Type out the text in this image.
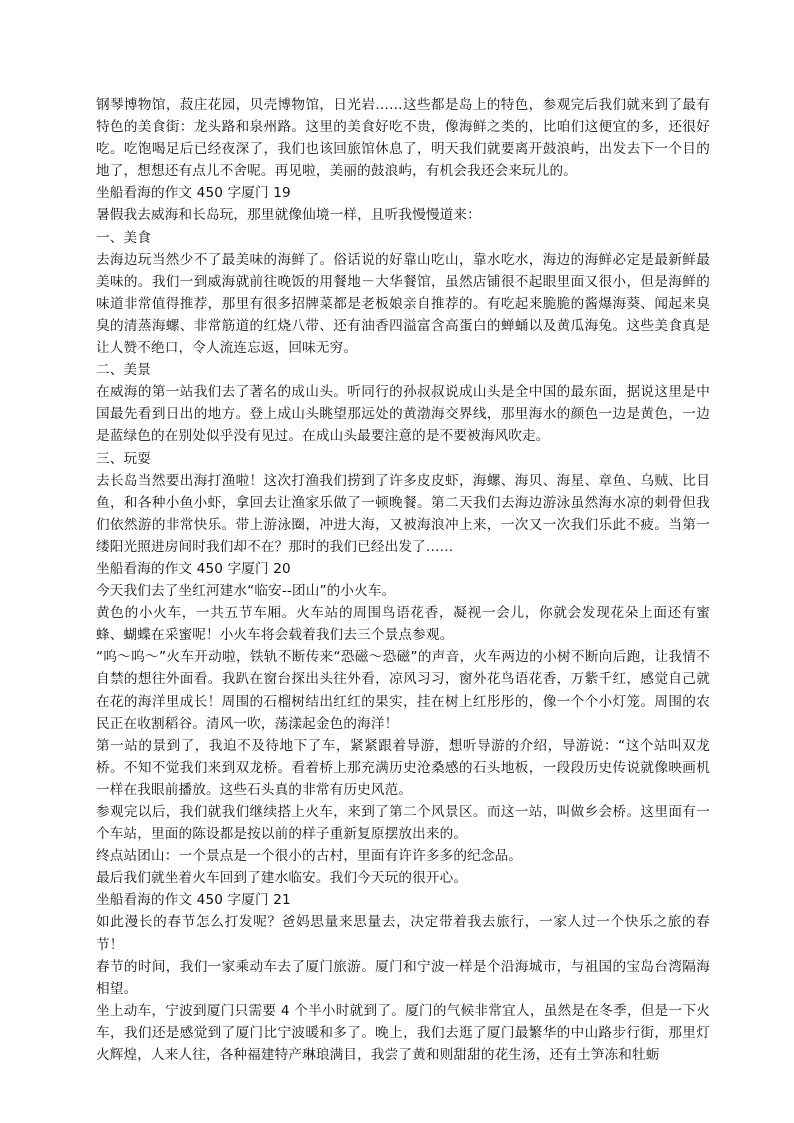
钢琴博物馆，菽庄花园，贝壳博物馆，日光岩……这些都是岛上的特色，参观完后我们就来到了最有特色的美食街：龙头路和泉州路。这里的美食好吃不贵，像海鲜之类的，比咱们这便宜的多，还很好吃。吃饱喝足后已经夜深了，我们也该回旅馆休息了，明天我们就要离开鼓浪屿，出发去下一个目的地了，想想还有点儿不舍呢。再见啦，美丽的鼓浪屿，有机会我还会来玩儿的。

坐船看海的作文 450 字厦门 19

暑假我去威海和长岛玩，那里就像仙境一样，且听我慢慢道来：

一、美食

去海边玩当然少不了最美味的海鲜了。俗话说的好靠山吃山，靠水吃水，海边的海鲜必定是最新鲜最美味的。我们一到威海就前往晚饭的用餐地－大华餐馆，虽然店铺很不起眼里面又很小，但是海鲜的味道非常值得推荐，那里有很多招牌菜都是老板娘亲自推荐的。有吃起来脆脆的酱爆海葵、闻起来臭臭的清蒸海螺、非常筋道的红烧八带、还有油香四溢富含高蛋白的蝉蛹以及黄瓜海兔。这些美食真是让人赞不绝口，令人流连忘返，回味无穷。

二、美景

在威海的第一站我们去了著名的成山头。听同行的孙叔叔说成山头是全中国的最东面，据说这里是中国最先看到日出的地方。登上成山头眺望那远处的黄渤海交界线，那里海水的颜色一边是黄色，一边是蓝绿色的在别处似乎没有见过。在成山头最要注意的是不要被海风吹走。

三、玩耍

去长岛当然要出海打渔啦！这次打渔我们捞到了许多皮皮虾，海螺、海贝、海星、章鱼、乌贼、比目鱼，和各种小鱼小虾，拿回去让渔家乐做了一顿晚餐。第二天我们去海边游泳虽然海水凉的刺骨但我们依然游的非常快乐。带上游泳圈，冲进大海，又被海浪冲上来，一次又一次我们乐此不疲。当第一缕阳光照进房间时我们却不在？那时的我们已经出发了……

坐船看海的作文 450 字厦门 20

今天我们去了坐红河建水“临安--团山”的小火车。

黄色的小火车，一共五节车厢。火车站的周围鸟语花香，凝视一会儿，你就会发现花朵上面还有蜜蜂、蝴蝶在采蜜呢！小火车将会载着我们去三个景点参观。

“呜～呜～”火车开动啦，铁轨不断传来“恐磁～恐磁”的声音，火车两边的小树不断向后跑，让我情不自禁的想往外面看。我趴在窗台探出头往外看，凉风习习，窗外花鸟语花香，万紫千红，感觉自己就在花的海洋里成长！周围的石榴树结出红红的果实，挂在树上红彤彤的，像一个个小灯笼。周围的农民正在收割稻谷。清风一吹，荡漾起金色的海洋！

第一站的景到了，我迫不及待地下了车，紧紧跟着导游，想听导游的介绍，导游说：“这个站叫双龙桥。不知不觉我们来到双龙桥。看着桥上那充满历史沧桑感的石头地板，一段段历史传说就像映画机一样在我眼前播放。这些石头真的非常有历史风范。

参观完以后，我们就我们继续搭上火车，来到了第二个风景区。而这一站，叫做乡会桥。这里面有一个车站，里面的陈设都是按以前的样子重新复原摆放出来的。

终点站团山：一个景点是一个很小的古村，里面有许许多多的纪念品。

最后我们就坐着火车回到了建水临安。我们今天玩的很开心。

坐船看海的作文 450 字厦门 21

如此漫长的春节怎么打发呢？爸妈思量来思量去，决定带着我去旅行，一家人过一个快乐之旅的春节！

春节的时间，我们一家乘动车去了厦门旅游。厦门和宁波一样是个沿海城市，与祖国的宝岛台湾隔海相望。

坐上动车，宁波到厦门只需要 4 个半小时就到了。厦门的气候非常宜人，虽然是在冬季，但是一下火车，我们还是感觉到了厦门比宁波暖和多了。晚上，我们去逛了厦门最繁华的中山路步行街，那里灯火辉煌，人来人往，各种福建特产琳琅满目，我尝了黄和则甜甜的花生汤，还有土笋冻和牡蛎
